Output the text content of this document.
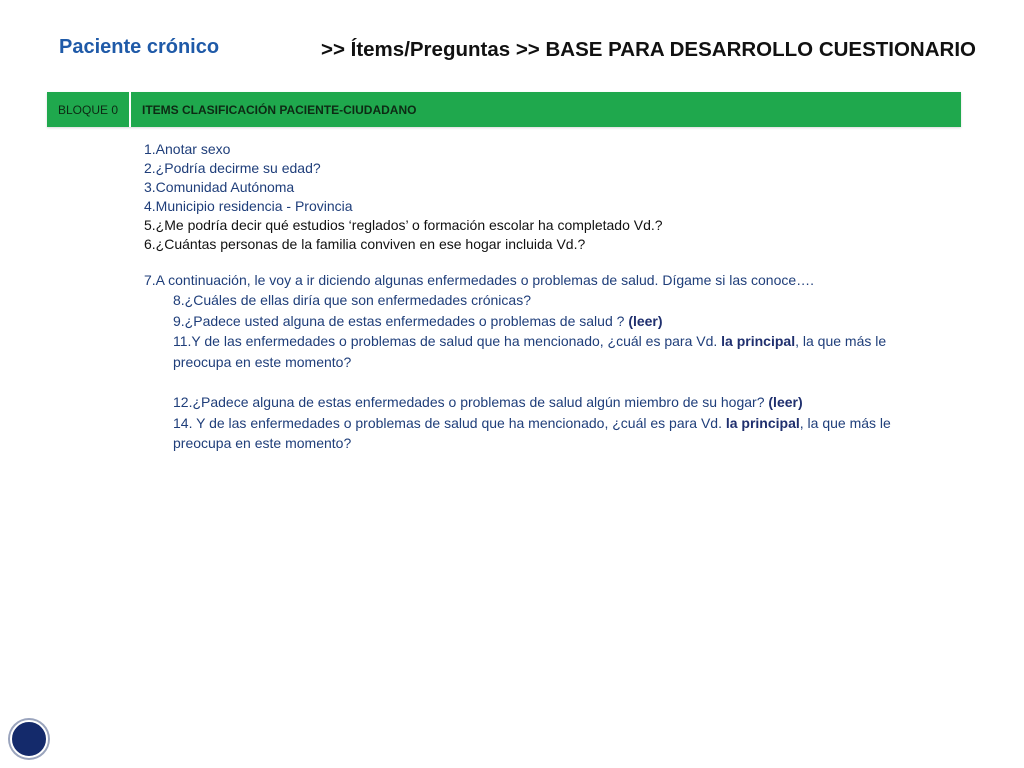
Paciente crónico	>> Ítems/Preguntas >> BASE PARA DESARROLLO CUESTIONARIO
BLOQUE 0	ITEMS CLASIFICACIÓN PACIENTE-CIUDADANO

1.Anotar sexo

2.¿Podría decirme su edad?

3.Comunidad Autónoma

4.Municipio residencia - Provincia

5.¿Me podría decir qué estudios ‘reglados’ o formación escolar ha completado Vd.?

6.¿Cuántas personas de la familia conviven en ese hogar incluida Vd.?

7.A continuación, le voy a ir diciendo algunas enfermedades o problemas de salud. Dígame si las conoce….

8.¿Cuáles de ellas diría que son enfermedades crónicas?

9.¿Padece usted alguna de estas enfermedades o problemas de salud ? (leer)

11.Y de las enfermedades o problemas de salud que ha mencionado, ¿cuál es para Vd. la principal, la que más le preocupa en este momento?

12.¿Padece alguna de estas enfermedades o problemas de salud algún miembro de su hogar? (leer)

14. Y de las enfermedades o problemas de salud que ha mencionado, ¿cuál es para Vd. la principal, la que más le preocupa en este momento?
